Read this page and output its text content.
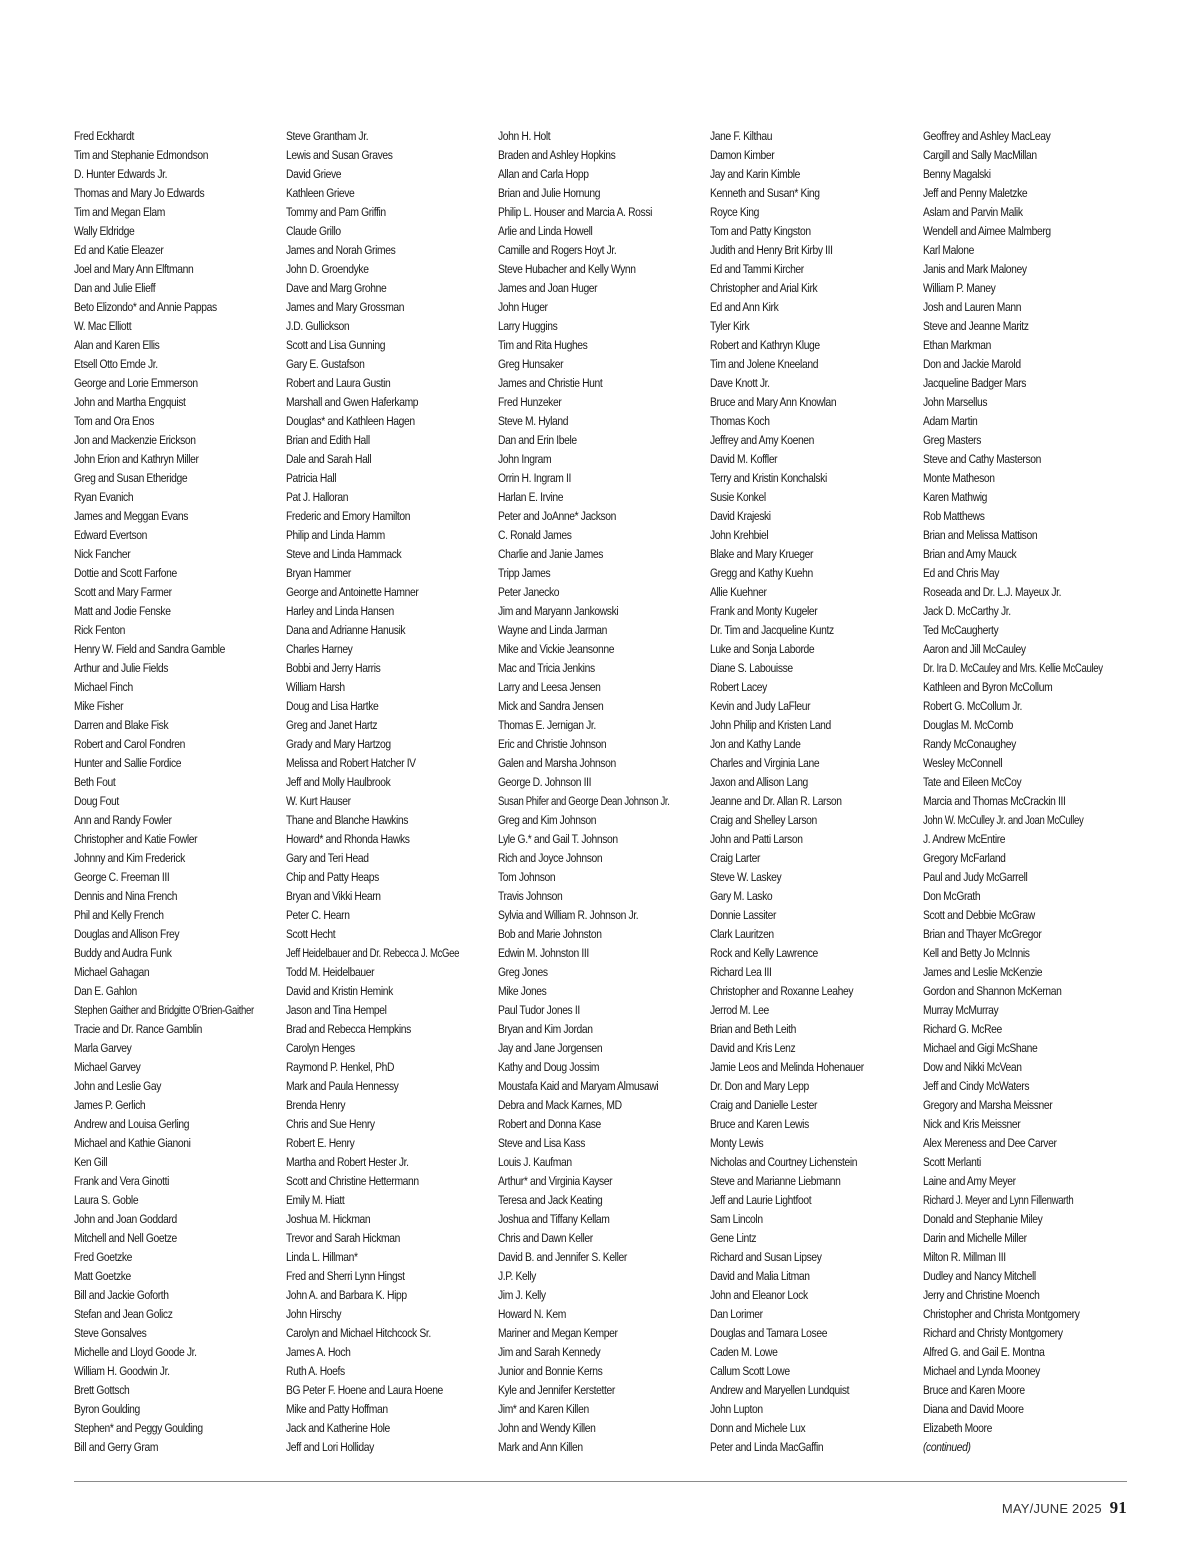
Fred Eckhardt
Tim and Stephanie Edmondson
D. Hunter Edwards Jr.
Thomas and Mary Jo Edwards
Tim and Megan Elam
Wally Eldridge
Ed and Katie Eleazer
Joel and Mary Ann Elftmann
Dan and Julie Elieff
Beto Elizondo* and Annie Pappas
W. Mac Elliott
Alan and Karen Ellis
Etsell Otto Emde Jr.
George and Lorie Emmerson
John and Martha Engquist
Tom and Ora Enos
Jon and Mackenzie Erickson
John Erion and Kathryn Miller
Greg and Susan Etheridge
Ryan Evanich
James and Meggan Evans
Edward Evertson
Nick Fancher
Dottie and Scott Farfone
Scott and Mary Farmer
Matt and Jodie Fenske
Rick Fenton
Henry W. Field and Sandra Gamble
Arthur and Julie Fields
Michael Finch
Mike Fisher
Darren and Blake Fisk
Robert and Carol Fondren
Hunter and Sallie Fordice
Beth Fout
Doug Fout
Ann and Randy Fowler
Christopher and Katie Fowler
Johnny and Kim Frederick
George C. Freeman III
Dennis and Nina French
Phil and Kelly French
Douglas and Allison Frey
Buddy and Audra Funk
Michael Gahagan
Dan E. Gahlon
Stephen Gaither and Bridgitte O’Brien-Gaither
Tracie and Dr. Rance Gamblin
Marla Garvey
Michael Garvey
John and Leslie Gay
James P. Gerlich
Andrew and Louisa Gerling
Michael and Kathie Gianoni
Ken Gill
Frank and Vera Ginotti
Laura S. Goble
John and Joan Goddard
Mitchell and Nell Goetze
Fred Goetzke
Matt Goetzke
Bill and Jackie Goforth
Stefan and Jean Golicz
Steve Gonsalves
Michelle and Lloyd Goode Jr.
William H. Goodwin Jr.
Brett Gottsch
Byron Goulding
Stephen* and Peggy Goulding
Bill and Gerry Gram
Steve Grantham Jr.
Lewis and Susan Graves
David Grieve
Kathleen Grieve
Tommy and Pam Griffin
Claude Grillo
James and Norah Grimes
John D. Groendyke
Dave and Marg Grohne
James and Mary Grossman
J.D. Gullickson
Scott and Lisa Gunning
Gary E. Gustafson
Robert and Laura Gustin
Marshall and Gwen Haferkamp
Douglas* and Kathleen Hagen
Brian and Edith Hall
Dale and Sarah Hall
Patricia Hall
Pat J. Halloran
Frederic and Emory Hamilton
Philip and Linda Hamm
Steve and Linda Hammack
Bryan Hammer
George and Antoinette Hamner
Harley and Linda Hansen
Dana and Adrianne Hanusik
Charles Harney
Bobbi and Jerry Harris
William Harsh
Doug and Lisa Hartke
Greg and Janet Hartz
Grady and Mary Hartzog
Melissa and Robert Hatcher IV
Jeff and Molly Haulbrook
W. Kurt Hauser
Thane and Blanche Hawkins
Howard* and Rhonda Hawks
Gary and Teri Head
Chip and Patty Heaps
Bryan and Vikki Hearn
Peter C. Hearn
Scott Hecht
Jeff Heidelbauer and Dr. Rebecca J. McGee
Todd M. Heidelbauer
David and Kristin Hemink
Jason and Tina Hempel
Brad and Rebecca Hempkins
Carolyn Henges
Raymond P. Henkel, PhD
Mark and Paula Hennessy
Brenda Henry
Chris and Sue Henry
Robert E. Henry
Martha and Robert Hester Jr.
Scott and Christine Hettermann
Emily M. Hiatt
Joshua M. Hickman
Trevor and Sarah Hickman
Linda L. Hillman*
Fred and Sherri Lynn Hingst
John A. and Barbara K. Hipp
John Hirschy
Carolyn and Michael Hitchcock Sr.
James A. Hoch
Ruth A. Hoefs
BG Peter F. Hoene and Laura Hoene
Mike and Patty Hoffman
Jack and Katherine Hole
Jeff and Lori Holliday
John H. Holt
Braden and Ashley Hopkins
Allan and Carla Hopp
Brian and Julie Hornung
Philip L. Houser and Marcia A. Rossi
Arlie and Linda Howell
Camille and Rogers Hoyt Jr.
Steve Hubacher and Kelly Wynn
James and Joan Huger
John Huger
Larry Huggins
Tim and Rita Hughes
Greg Hunsaker
James and Christie Hunt
Fred Hunzeker
Steve M. Hyland
Dan and Erin Ibele
John Ingram
Orrin H. Ingram II
Harlan E. Irvine
Peter and JoAnne* Jackson
C. Ronald James
Charlie and Janie James
Tripp James
Peter Janecko
Jim and Maryann Jankowski
Wayne and Linda Jarman
Mike and Vickie Jeansonne
Mac and Tricia Jenkins
Larry and Leesa Jensen
Mick and Sandra Jensen
Thomas E. Jernigan Jr.
Eric and Christie Johnson
Galen and Marsha Johnson
George D. Johnson III
Susan Phifer and George Dean Johnson Jr.
Greg and Kim Johnson
Lyle G.* and Gail T. Johnson
Rich and Joyce Johnson
Tom Johnson
Travis Johnson
Sylvia and William R. Johnson Jr.
Bob and Marie Johnston
Edwin M. Johnston III
Greg Jones
Mike Jones
Paul Tudor Jones II
Bryan and Kim Jordan
Jay and Jane Jorgensen
Kathy and Doug Jossim
Moustafa Kaid and Maryam Almusawi
Debra and Mack Karnes, MD
Robert and Donna Kase
Steve and Lisa Kass
Louis J. Kaufman
Arthur* and Virginia Kayser
Teresa and Jack Keating
Joshua and Tiffany Kellam
Chris and Dawn Keller
David B. and Jennifer S. Keller
J.P. Kelly
Jim J. Kelly
Howard N. Kem
Mariner and Megan Kemper
Jim and Sarah Kennedy
Junior and Bonnie Kerns
Kyle and Jennifer Kerstetter
Jim* and Karen Killen
John and Wendy Killen
Mark and Ann Killen
Jane F. Kilthau
Damon Kimber
Jay and Karin Kimble
Kenneth and Susan* King
Royce King
Tom and Patty Kingston
Judith and Henry Brit Kirby III
Ed and Tammi Kircher
Christopher and Arial Kirk
Ed and Ann Kirk
Tyler Kirk
Robert and Kathryn Kluge
Tim and Jolene Kneeland
Dave Knott Jr.
Bruce and Mary Ann Knowlan
Thomas Koch
Jeffrey and Amy Koenen
David M. Koffler
Terry and Kristin Konchalski
Susie Konkel
David Krajeski
John Krehbiel
Blake and Mary Krueger
Gregg and Kathy Kuehn
Allie Kuehner
Frank and Monty Kugeler
Dr. Tim and Jacqueline Kuntz
Luke and Sonja Laborde
Diane S. Labouisse
Robert Lacey
Kevin and Judy LaFleur
John Philip and Kristen Land
Jon and Kathy Lande
Charles and Virginia Lane
Jaxon and Allison Lang
Jeanne and Dr. Allan R. Larson
Craig and Shelley Larson
John and Patti Larson
Craig Larter
Steve W. Laskey
Gary M. Lasko
Donnie Lassiter
Clark Lauritzen
Rock and Kelly Lawrence
Richard Lea III
Christopher and Roxanne Leahey
Jerrod M. Lee
Brian and Beth Leith
David and Kris Lenz
Jamie Leos and Melinda Hohenauer
Dr. Don and Mary Lepp
Craig and Danielle Lester
Bruce and Karen Lewis
Monty Lewis
Nicholas and Courtney Lichenstein
Steve and Marianne Liebmann
Jeff and Laurie Lightfoot
Sam Lincoln
Gene Lintz
Richard and Susan Lipsey
David and Malia Litman
John and Eleanor Lock
Dan Lorimer
Douglas and Tamara Losee
Caden M. Lowe
Callum Scott Lowe
Andrew and Maryellen Lundquist
John Lupton
Donn and Michele Lux
Peter and Linda MacGaffin
Geoffrey and Ashley MacLeay
Cargill and Sally MacMillan
Benny Magalski
Jeff and Penny Maletzke
Aslam and Parvin Malik
Wendell and Aimee Malmberg
Karl Malone
Janis and Mark Maloney
William P. Maney
Josh and Lauren Mann
Steve and Jeanne Maritz
Ethan Markman
Don and Jackie Marold
Jacqueline Badger Mars
John Marsellus
Adam Martin
Greg Masters
Steve and Cathy Masterson
Monte Matheson
Karen Mathwig
Rob Matthews
Brian and Melissa Mattison
Brian and Amy Mauck
Ed and Chris May
Roseada and Dr. L.J. Mayeux Jr.
Jack D. McCarthy Jr.
Ted McCaugherty
Aaron and Jill McCauley
Dr. Ira D. McCauley and Mrs. Kellie McCauley
Kathleen and Byron McCollum
Robert G. McCollum Jr.
Douglas M. McComb
Randy McConaughey
Wesley McConnell
Tate and Eileen McCoy
Marcia and Thomas McCrackin III
John W. McCulley Jr. and Joan McCulley
J. Andrew McEntire
Gregory McFarland
Paul and Judy McGarrell
Don McGrath
Scott and Debbie McGraw
Brian and Thayer McGregor
Kell and Betty Jo McInnis
James and Leslie McKenzie
Gordon and Shannon McKernan
Murray McMurray
Richard G. McRee
Michael and Gigi McShane
Dow and Nikki McVean
Jeff and Cindy McWaters
Gregory and Marsha Meissner
Nick and Kris Meissner
Alex Mereness and Dee Carver
Scott Merlanti
Laine and Amy Meyer
Richard J. Meyer and Lynn Fillenwarth
Donald and Stephanie Miley
Darin and Michelle Miller
Milton R. Millman III
Dudley and Nancy Mitchell
Jerry and Christine Moench
Christopher and Christa Montgomery
Richard and Christy Montgomery
Alfred G. and Gail E. Montna
Michael and Lynda Mooney
Bruce and Karen Moore
Diana and David Moore
Elizabeth Moore
(continued)
MAY/JUNE 2025 91
